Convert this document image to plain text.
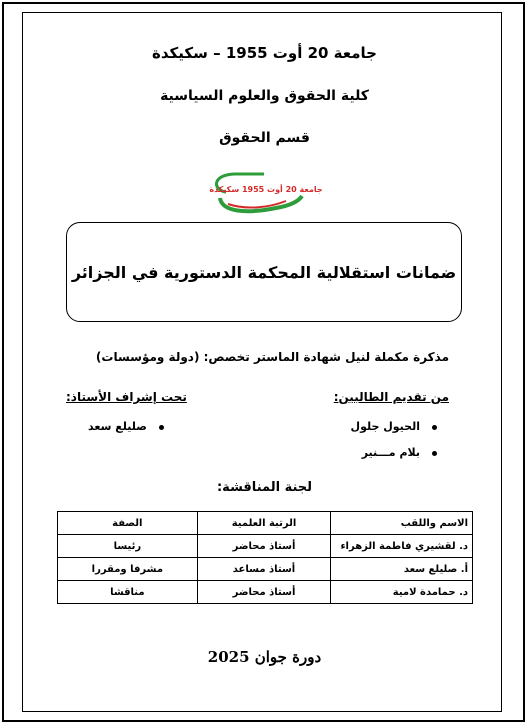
جامعة 20 أوت 1955 – سكيكدة
كلية الحقوق والعلوم السياسية
قسم الحقوق
جامعة 20 أوت 1955 سكيكدة
ضمانات استقلالية المحكمة الدستورية في الجزائر
مذكرة مكملة لنيل شهادة الماستر تخصص: (دولة ومؤسسات)
من تقديم الطالبين:
الحيول جلول
بلام مـــنير
تحت إشراف الأستاذ:
صليلع سعد
لجنة المناقشة:
الاسم واللقب	الرتبة العلمية	الصفة
د. لقشيري فاطمة الزهراء	أستاذ محاضر	رئيسا
أ. صليلع سعد	أستاذ مساعد	مشرفا ومقررا
د. حمامدة لامية	أستاذ محاضر	مناقشا
دورة جوان 2025
